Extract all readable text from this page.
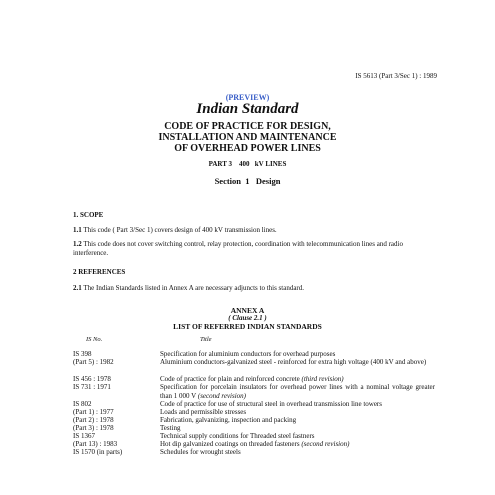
IS 5613 (Part 3/Sec 1) : 1989
(PREVIEW)
Indian Standard
CODE OF PRACTICE FOR DESIGN,
INSTALLATION AND MAINTENANCE
OF OVERHEAD POWER LINES
PART 3    400   kV LINES
Section  1   Design
1. SCOPE
1.1 This code ( Part 3/Sec 1) covers design of 400 kV transmission lines.
1.2 This code does not cover switching control, relay protection, coordination with telecommunication lines and radio interference.
2 REFERENCES
2.1 The Indian Standards listed in Annex A are necessary adjuncts to this standard.
ANNEX A
( Clause 2.1 )
LIST OF REFERRED INDIAN STANDARDS
IS No.	Title
IS 398	Specification for aluminium conductors for overhead purposes
(Part 5) : 1982	Aluminium conductors-galvanized steel - reinforced for extra high voltage (400 kV and above)
IS 456 : 1978	Code of practice for plain and reinforced concrete (third revision)
IS 731 : 1971	Specification for porcelain insulators for overhead power lines with a nominal voltage greater than 1 000 V (second revision)
IS 802	Code of practice for use of structural steel in overhead transmission line towers
(Part 1) : 1977	Loads and permissible stresses
(Part 2) : 1978	Fabrication, galvanizing, inspection and packing
(Part 3) : 1978	Testing
IS 1367	Technical supply conditions for Threaded steel fastners
(Part 13) : 1983	Hot dip galvanized coatings on threaded fasteners (second revision)
IS 1570 (in parts)	Schedules for wrought steels
